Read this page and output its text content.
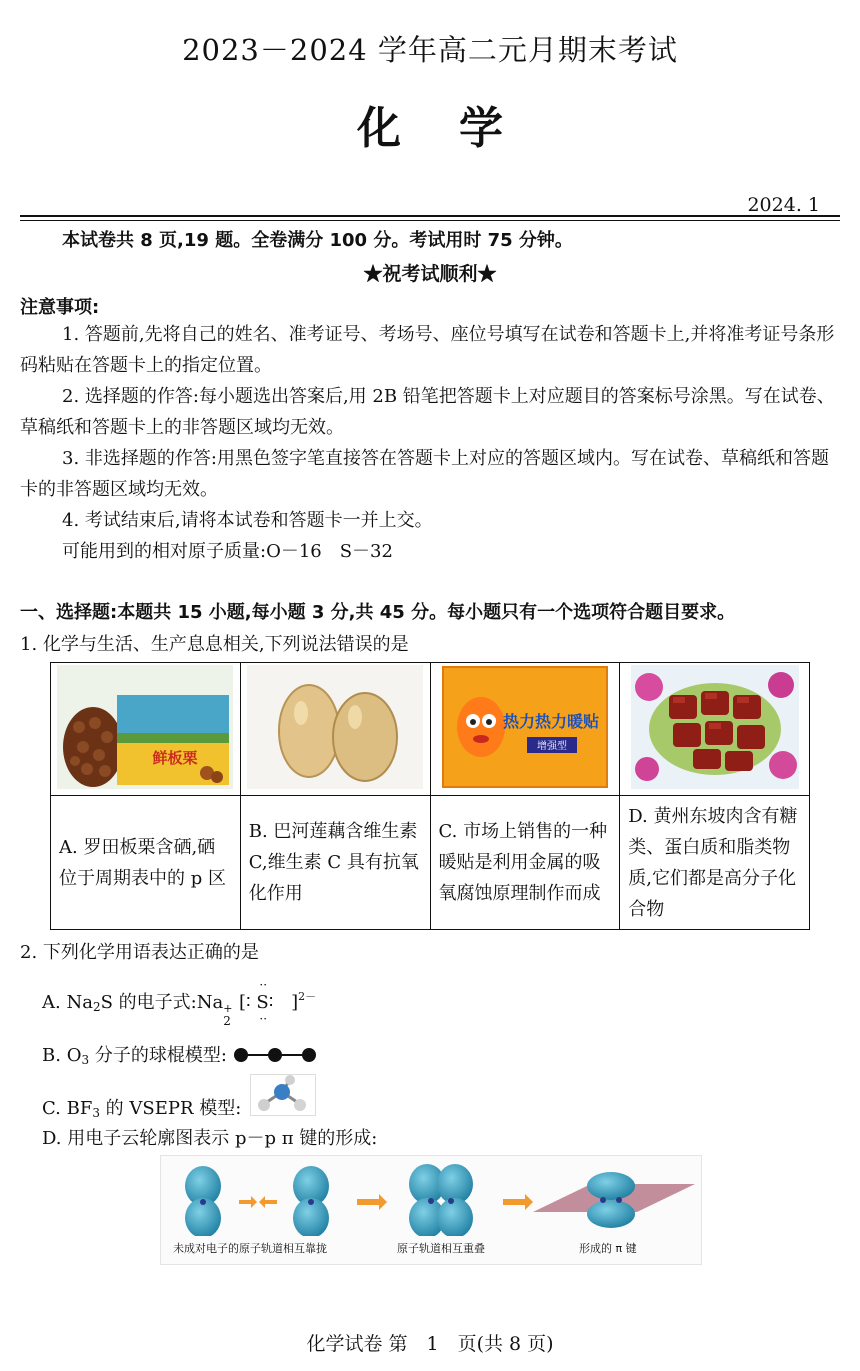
2023－2024 学年高二元月期末考试
化学
2024. 1
本试卷共 8 页,19 题。全卷满分 100 分。考试用时 75 分钟。
★祝考试顺利★
注意事项:
1. 答题前,先将自己的姓名、准考证号、考场号、座位号填写在试卷和答题卡上,并将准考证号条形码粘贴在答题卡上的指定位置。
2. 选择题的作答:每小题选出答案后,用 2B 铅笔把答题卡上对应题目的答案标号涂黑。写在试卷、草稿纸和答题卡上的非答题区域均无效。
3. 非选择题的作答:用黑色签字笔直接答在答题卡上对应的答题区域内。写在试卷、草稿纸和答题卡的非答题区域均无效。
4. 考试结束后,请将本试卷和答题卡一并上交。
可能用到的相对原子质量:O－16　S－32
一、选择题:本题共 15 小题,每小题 3 分,共 45 分。每小题只有一个选项符合题目要求。
1. 化学与生活、生产息息相关,下列说法错误的是
鲜板栗		热力热力暖贴
增强型

A. 罗田板栗含硒,硒位于周期表中的 p 区	B. 巴河莲藕含维生素 C,维生素 C 具有抗氧化作用	C. 市场上销售的一种暖贴是利用金属的吸氧腐蚀原理制作而成	D. 黄州东坡肉含有糖类、蛋白质和脂类物质,它们都是高分子化合物
2. 下列化学用语表达正确的是
A. $Na_2S$ 的电子式:Na +
2
[∶
··
S∶
··
]$^{2-}$
B. $O_3$ 分子的球棍模型:
C. $BF_3$ 的 VSEPR 模型:
D. 用电子云轮廓图表示 p－p π 键的形成:
未成对电子的原子轨道相互靠拢	原子轨道相互重叠	形成的 π 键
化学试卷 第　1　页(共 8 页)
